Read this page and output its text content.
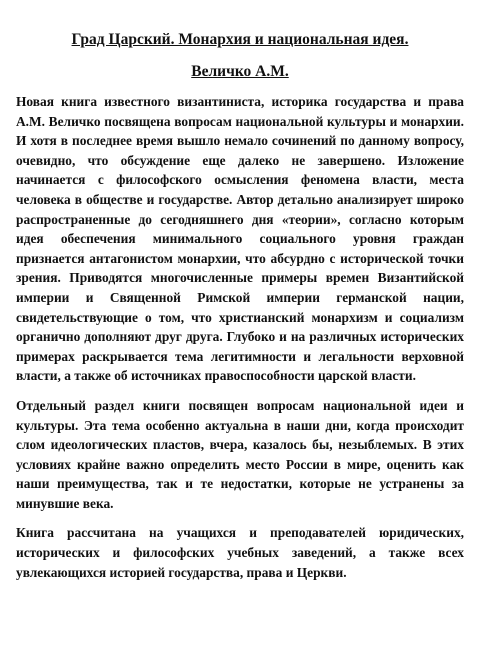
Град Царский. Монархия и национальная идея.
Величко А.М.

Новая книга известного византиниста, историка государства и права А.М. Величко посвящена вопросам национальной культуры и монархии. И хотя в последнее время вышло немало сочинений по данному вопросу, очевидно, что обсуждение еще далеко не завершено. Изложение начинается с философского осмысления феномена власти, места человека в обществе и государстве. Автор детально анализирует широко распространенные до сегодняшнего дня «теории», согласно которым идея обеспечения минимального социального уровня граждан признается антагонистом монархии, что абсурдно с исторической точки зрения. Приводятся многочисленные примеры времен Византийской империи и Священной Римской империи германской нации, свидетельствующие о том, что христианский монархизм и социализм органично дополняют друг друга. Глубоко и на различных исторических примерах раскрывается тема легитимности и легальности верховной власти, а также об источниках правоспособности царской власти.

Отдельный раздел книги посвящен вопросам национальной идеи и культуры. Эта тема особенно актуальна в наши дни, когда происходит слом идеологических пластов, вчера, казалось бы, незыблемых. В этих условиях крайне важно определить место России в мире, оценить как наши преимущества, так и те недостатки, которые не устранены за минувшие века.

Книга рассчитана на учащихся и преподавателей юридических, исторических и философских учебных заведений, а также всех увлекающихся историей государства, права и Церкви.
